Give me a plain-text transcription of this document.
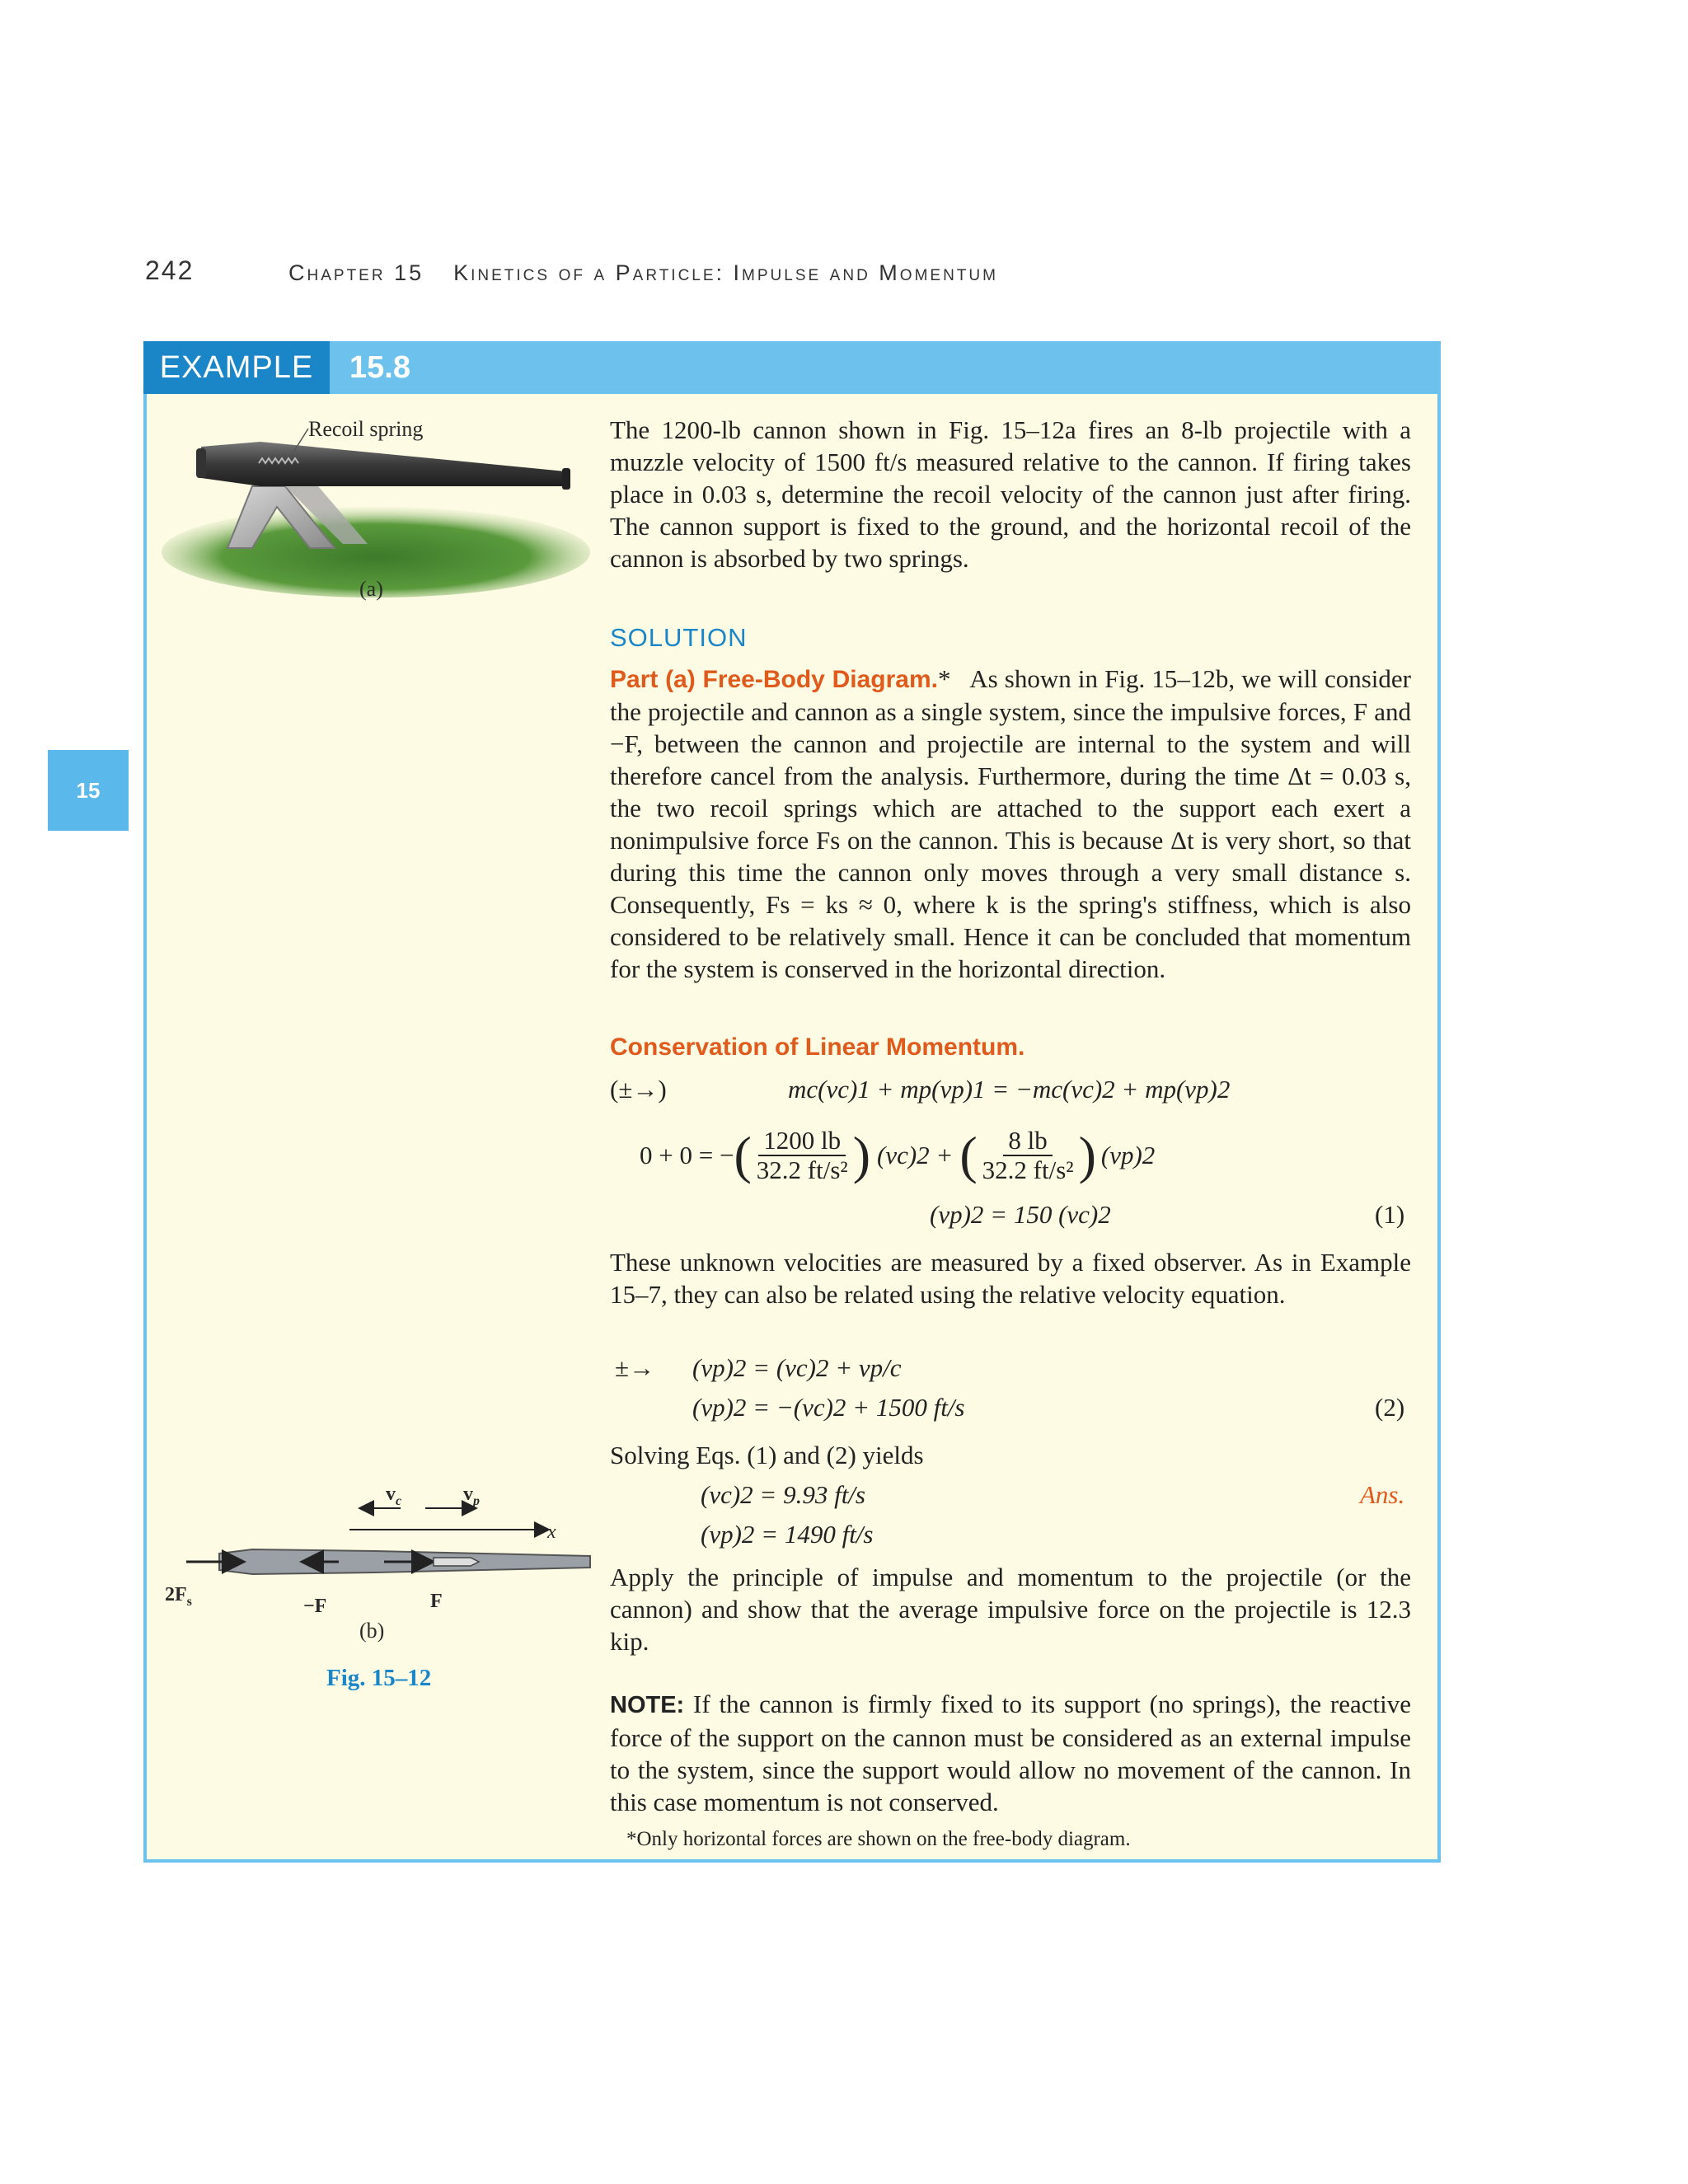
242	Chapter 15 Kinetics of a Particle: Impulse and Momentum
15
EXAMPLE	15.8
Recoil spring
(a)
$v_c$	$v_p$
x
$2F_s$	−F	F
(b)
Fig. 15–12
The 1200-lb cannon shown in Fig. 15–12a fires an 8-lb projectile with a muzzle velocity of 1500 ft/s measured relative to the cannon. If firing takes place in 0.03 s, determine the recoil velocity of the cannon just after firing. The cannon support is fixed to the ground, and the horizontal recoil of the cannon is absorbed by two springs.
SOLUTION
Part (a) Free-Body Diagram.* As shown in Fig. 15–12b, we will consider the projectile and cannon as a single system, since the impulsive forces, F and −F, between the cannon and projectile are internal to the system and will therefore cancel from the analysis. Furthermore, during the time Δt = 0.03 s, the two recoil springs which are attached to the support each exert a nonimpulsive force Fs on the cannon. This is because Δt is very short, so that during this time the cannon only moves through a very small distance s. Consequently, Fs = ks ≈ 0, where k is the spring's stiffness, which is also considered to be relatively small. Hence it can be concluded that momentum for the system is conserved in the horizontal direction.
Conservation of Linear Momentum.
(±→)	mc(vc)1 + mp(vp)1 = −mc(vc)2 + mp(vp)2
0 + 0 = − ( $\frac{1200 lb}{\text{32.2 ft/s²}}$ ) (vc)2 + ( $\frac{8 lb}{\text{32.2 ft/s²}}$ ) (vp)2
(vp)2 = 150 (vc)2	(1)
These unknown velocities are measured by a fixed observer. As in Example 15–7, they can also be related using the relative velocity equation.
±→ (vp)2 = (vc)2 + vp/c
(vp)2 = −(vc)2 + 1500 ft/s	(2)
Solving Eqs. (1) and (2) yields
(vc)2 = 9.93 ft/s	Ans.
(vp)2 = 1490 ft/s
Apply the principle of impulse and momentum to the projectile (or the cannon) and show that the average impulsive force on the projectile is 12.3 kip.
NOTE: If the cannon is firmly fixed to its support (no springs), the reactive force of the support on the cannon must be considered as an external impulse to the system, since the support would allow no movement of the cannon. In this case momentum is not conserved.
*Only horizontal forces are shown on the free-body diagram.
